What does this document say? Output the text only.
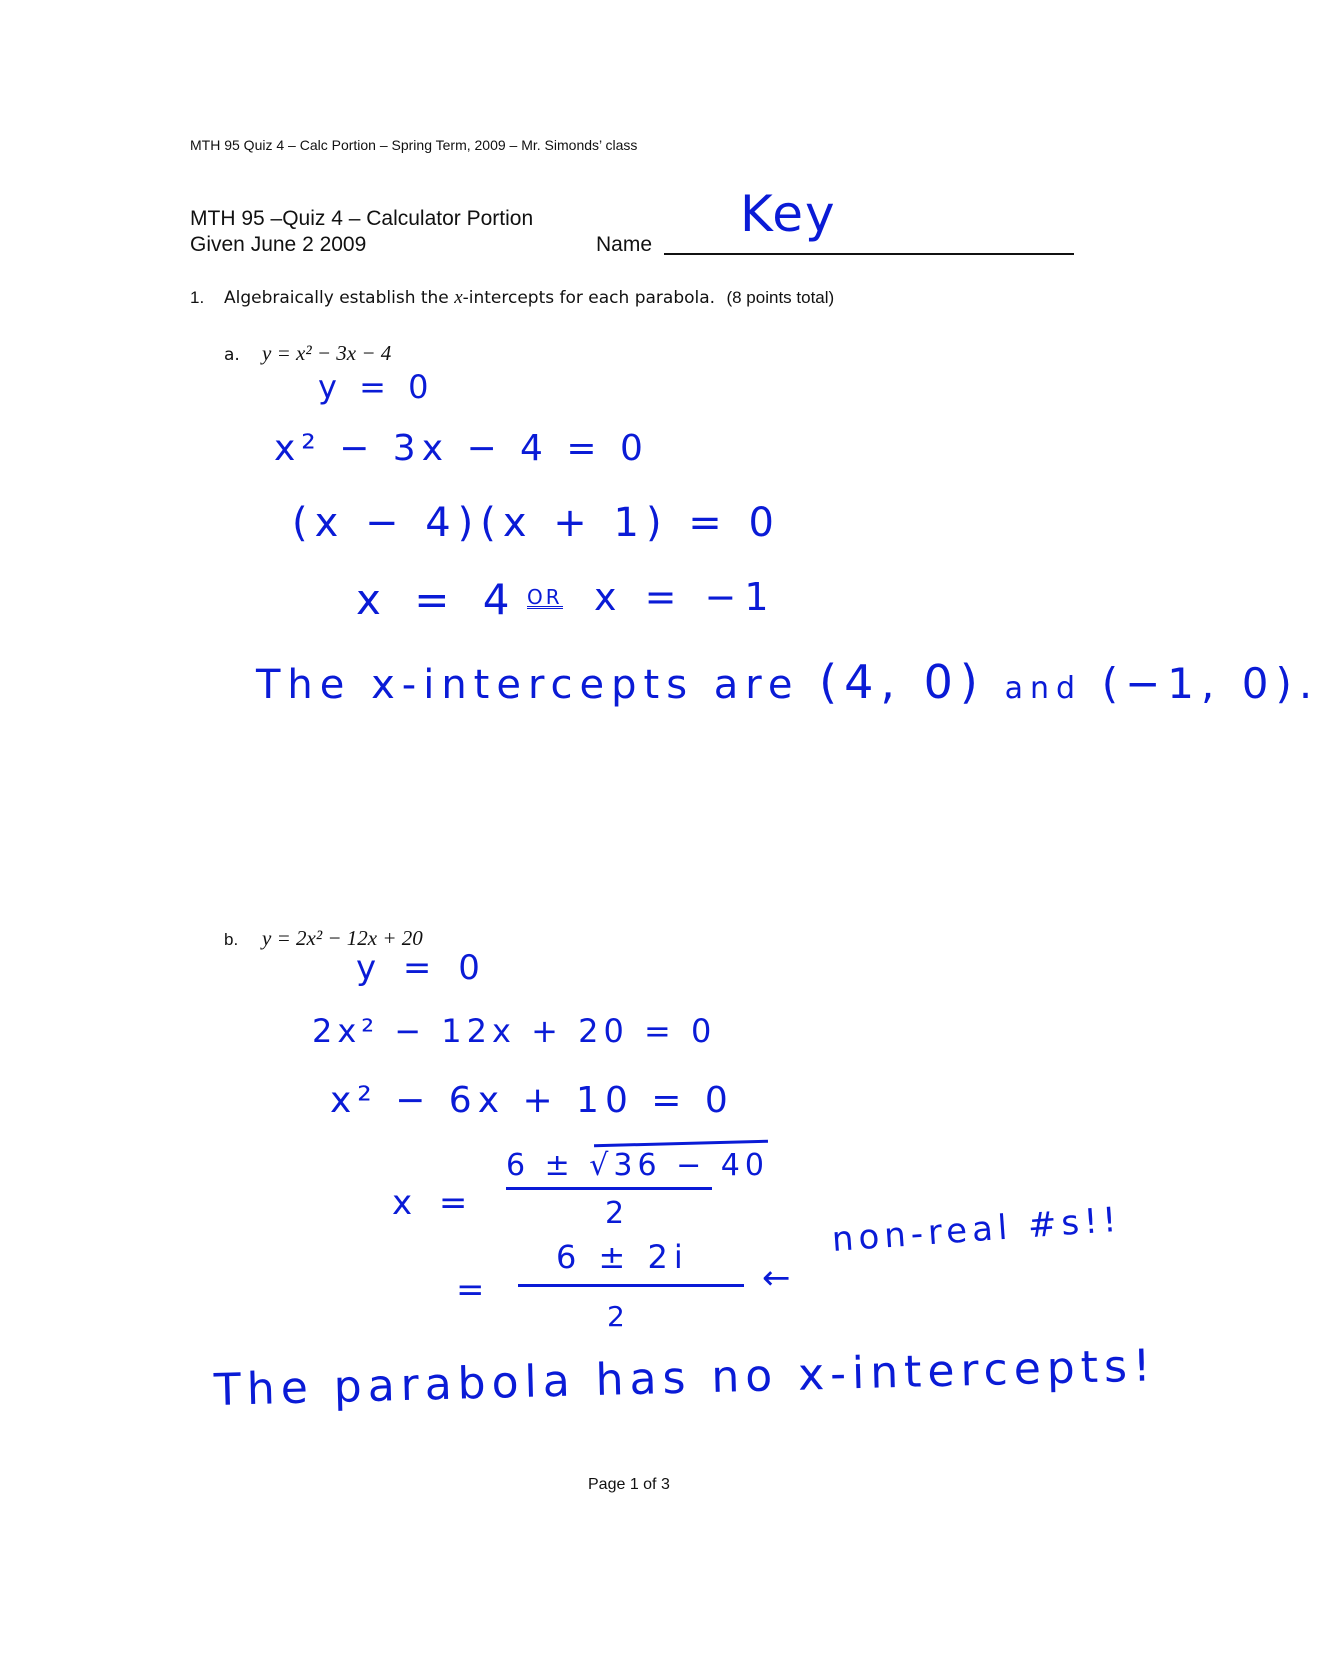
MTH 95 Quiz 4 – Calc Portion – Spring Term, 2009 – Mr. Simonds’ class
MTH 95 –Quiz 4 – Calculator Portion
Given June 2 2009	Name
Key
1. Algebraically establish the x-intercepts for each parabola. (8 points total)
a. y = x² − 3x − 4
y = 0
x² − 3x − 4 = 0
(x − 4)(x + 1) = 0
x = 4 OR x = −1
The x-intercepts are (4, 0) and (−1, 0).
b. y = 2x² − 12x + 20
y = 0
2x² − 12x + 20 = 0
x² − 6x + 10 = 0
x =
6 ± √36 − 40
2
=
6 ± 2i
2
←
non-real #s!!
The parabola has no x-intercepts!
Page 1 of 3
